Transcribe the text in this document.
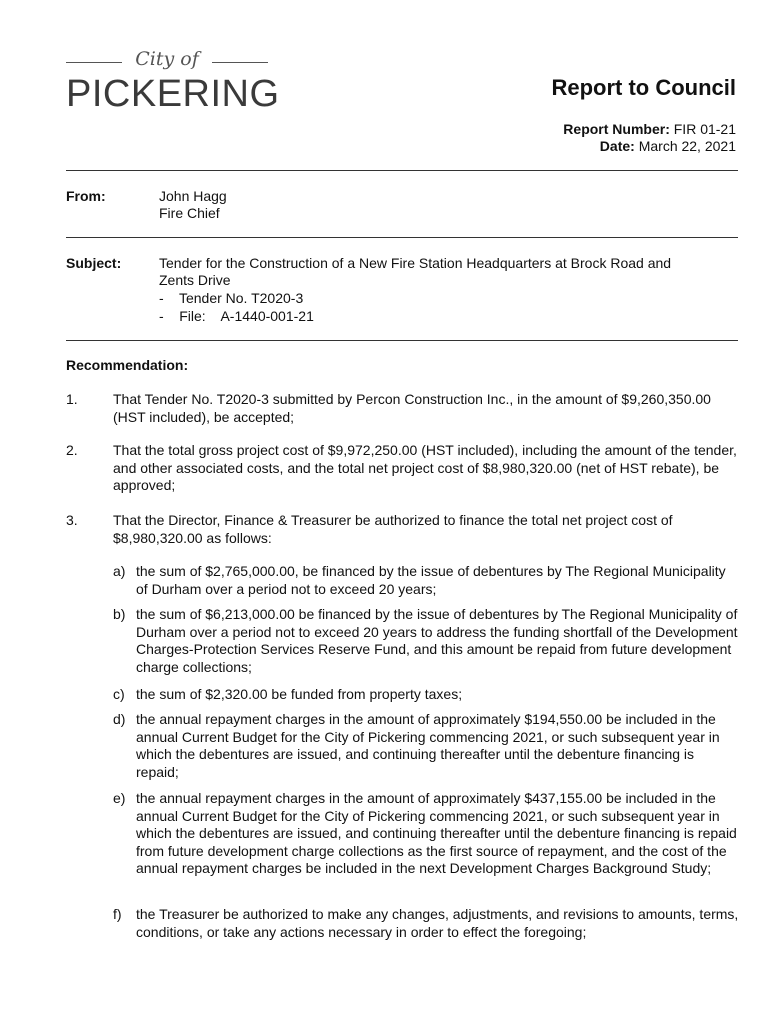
City of
PICKERING	Report to Council
Report Number: FIR 01-21
Date: March 22, 2021
From:	John Hagg
Fire Chief
Subject:	Tender for the Construction of a New Fire Station Headquarters at Brock Road and
Zents Drive
-    Tender No. T2020-3
-    File:    A-1440-001-21
Recommendation:
1.	That Tender No. T2020-3 submitted by Percon Construction Inc., in the amount of $9,260,350.00 (HST included), be accepted;
2.	That the total gross project cost of $9,972,250.00 (HST included), including the amount of the tender, and other associated costs, and the total net project cost of $8,980,320.00 (net of HST rebate), be approved;
3.	That the Director, Finance & Treasurer be authorized to finance the total net project cost of $8,980,320.00 as follows:
a) the sum of $2,765,000.00, be financed by the issue of debentures by The Regional Municipality of Durham over a period not to exceed 20 years;
b) the sum of $6,213,000.00 be financed by the issue of debentures by The Regional Municipality of Durham over a period not to exceed 20 years to address the funding shortfall of the Development Charges-Protection Services Reserve Fund, and this amount be repaid from future development charge collections;
c) the sum of $2,320.00 be funded from property taxes;
d) the annual repayment charges in the amount of approximately $194,550.00 be included in the annual Current Budget for the City of Pickering commencing 2021, or such subsequent year in which the debentures are issued, and continuing thereafter until the debenture financing is repaid;
e) the annual repayment charges in the amount of approximately $437,155.00 be included in the annual Current Budget for the City of Pickering commencing 2021, or such subsequent year in which the debentures are issued, and continuing thereafter until the debenture financing is repaid from future development charge collections as the first source of repayment, and the cost of the annual repayment charges be included in the next Development Charges Background Study;
f) the Treasurer be authorized to make any changes, adjustments, and revisions to amounts, terms, conditions, or take any actions necessary in order to effect the foregoing;
